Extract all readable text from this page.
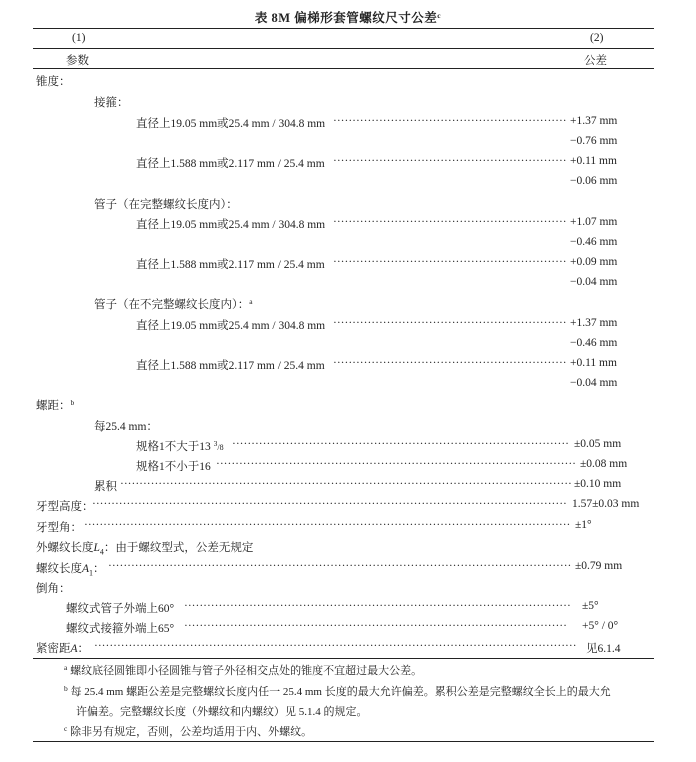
表 8M 偏梯形套管螺纹尺寸公差$^c$
(1)	(2)
参数	公差
锥度：
接箍：
直径上19.05 mm或25.4 mm / 304.8 mm ····························································· +1.37 mm
−0.76 mm
直径上1.588 mm或2.117 mm / 25.4 mm ····························································· +0.11 mm
−0.06 mm
管子（在完整螺纹长度内）：
直径上19.05 mm或25.4 mm / 304.8 mm ····························································· +1.07 mm
−0.46 mm
直径上1.588 mm或2.117 mm / 25.4 mm ····························································· +0.09 mm
−0.04 mm
管子（在不完整螺纹长度内）：$^a$
直径上19.05 mm或25.4 mm / 304.8 mm ····························································· +1.37 mm
−0.46 mm
直径上1.588 mm或2.117 mm / 25.4 mm ····························································· +0.11 mm
−0.04 mm
螺距：$^b$
每25.4 mm：
规格1不大于13 $^3$/8 ························································································ ±0.05 mm
规格1不小于16 ······························································································ ±0.08 mm
累积 ······················································································································ ±0.10 mm
牙型高度：
···························································································································· 1.57±0.03 mm
牙型角： ······························································································································· ±1°
外螺纹长度$L_4$：由于螺纹型式，公差无规定
螺纹长度$A_1$： ························································································································· ±0.79 mm
倒角：
螺纹式管子外端上60° ····································································································· ±5°
螺纹式接箍外端上65° ···································································································· +5° / 0°
紧密距A： ······························································································································ 见6.1.4
$^a$ 螺纹底径圆锥即小径圆锥与管子外径相交点处的锥度不宜超过最大公差。
$^b$ 每 25.4 mm 螺距公差是完整螺纹长度内任一 25.4 mm 长度的最大允许偏差。累积公差是完整螺纹全长上的最大允
许偏差。完整螺纹长度（外螺纹和内螺纹）见 5.1.4 的规定。
$^c$ 除非另有规定，否则，公差均适用于内、外螺纹。
